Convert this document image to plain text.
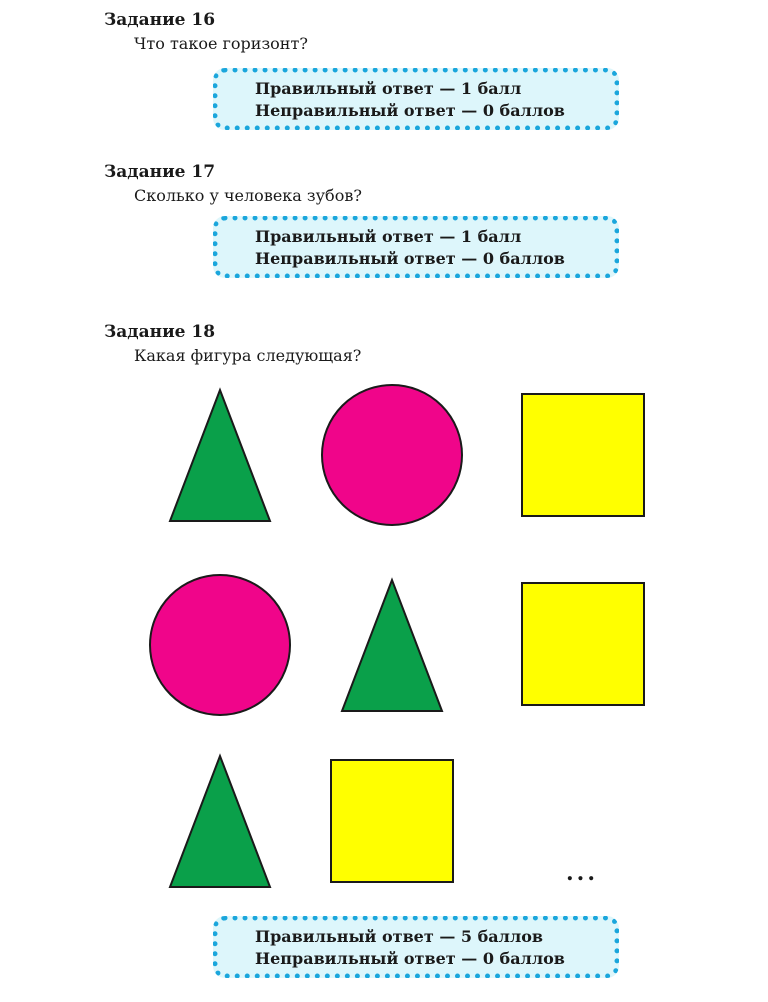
Задание 16
Что такое горизонт?
Правильный ответ — 1 балл
Неправильный ответ — 0 баллов
Задание 17
Сколько у человека зубов?
Правильный ответ — 1 балл
Неправильный ответ — 0 баллов
Задание 18
Какая фигура следующая?
...
Правильный ответ — 5 баллов
Неправильный ответ — 0 баллов
